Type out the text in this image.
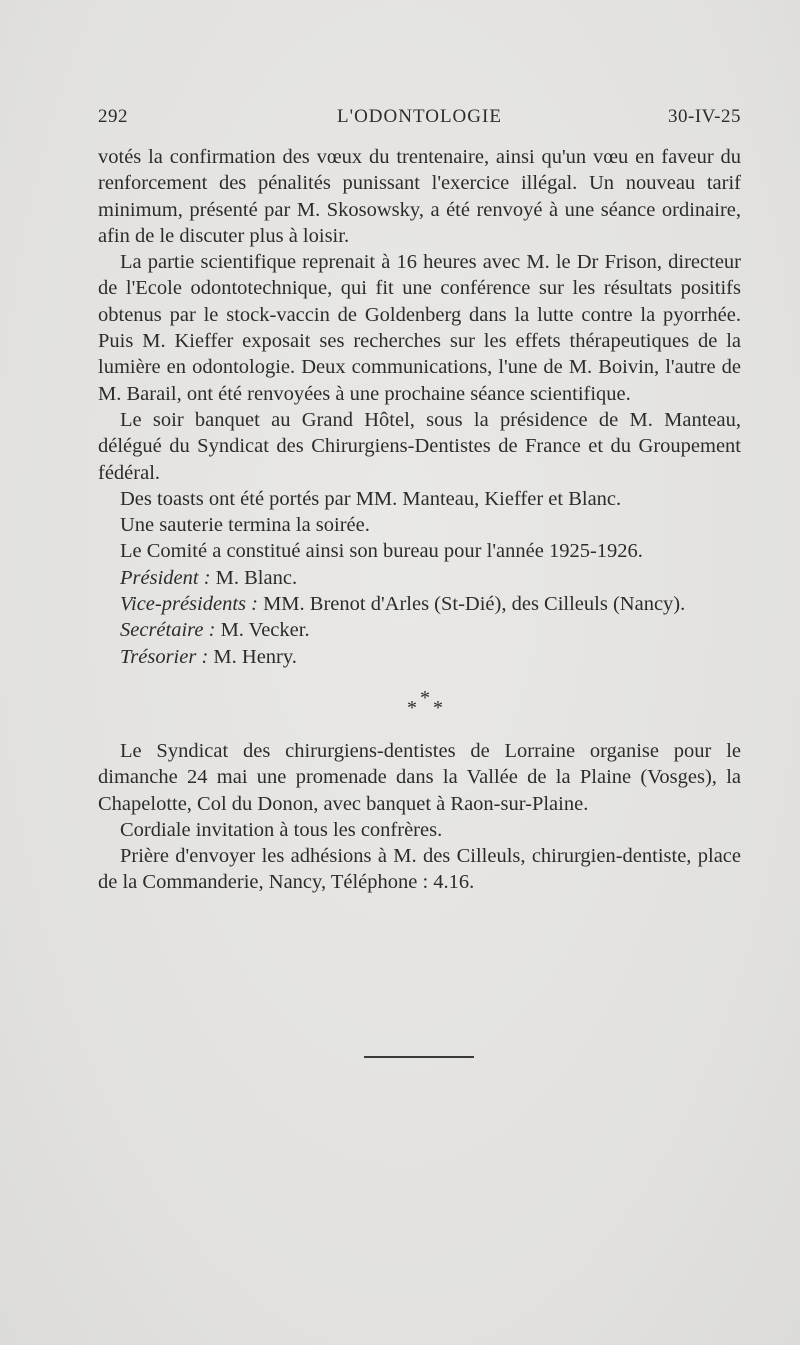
292	L'ODONTOLOGIE	30-IV-25

votés la confirmation des vœux du trentenaire, ainsi qu'un vœu en faveur du renforcement des pénalités punissant l'exercice illégal. Un nouveau tarif minimum, présenté par M. Skosowsky, a été renvoyé à une séance ordinaire, afin de le discuter plus à loisir.

La partie scientifique reprenait à 16 heures avec M. le Dr Frison, directeur de l'Ecole odontotechnique, qui fit une conférence sur les résultats positifs obtenus par le stock-vaccin de Goldenberg dans la lutte contre la pyorrhée. Puis M. Kieffer exposait ses recherches sur les effets thérapeutiques de la lumière en odontologie. Deux communications, l'une de M. Boivin, l'autre de M. Barail, ont été renvoyées à une prochaine séance scientifique.

Le soir banquet au Grand Hôtel, sous la présidence de M. Manteau, délégué du Syndicat des Chirurgiens-Dentistes de France et du Groupement fédéral.

Des toasts ont été portés par MM. Manteau, Kieffer et Blanc.

Une sauterie termina la soirée.

Le Comité a constitué ainsi son bureau pour l'année 1925-1926.

Président : M. Blanc.

Vice-présidents : MM. Brenot d'Arles (St-Dié), des Cilleuls (Nancy).

Secrétaire : M. Vecker.

Trésorier : M. Henry.

*
* *

Le Syndicat des chirurgiens-dentistes de Lorraine organise pour le dimanche 24 mai une promenade dans la Vallée de la Plaine (Vosges), la Chapelotte, Col du Donon, avec banquet à Raon-sur-Plaine.

Cordiale invitation à tous les confrères.

Prière d'envoyer les adhésions à M. des Cilleuls, chirurgien-dentiste, place de la Commanderie, Nancy, Téléphone : 4.16.
